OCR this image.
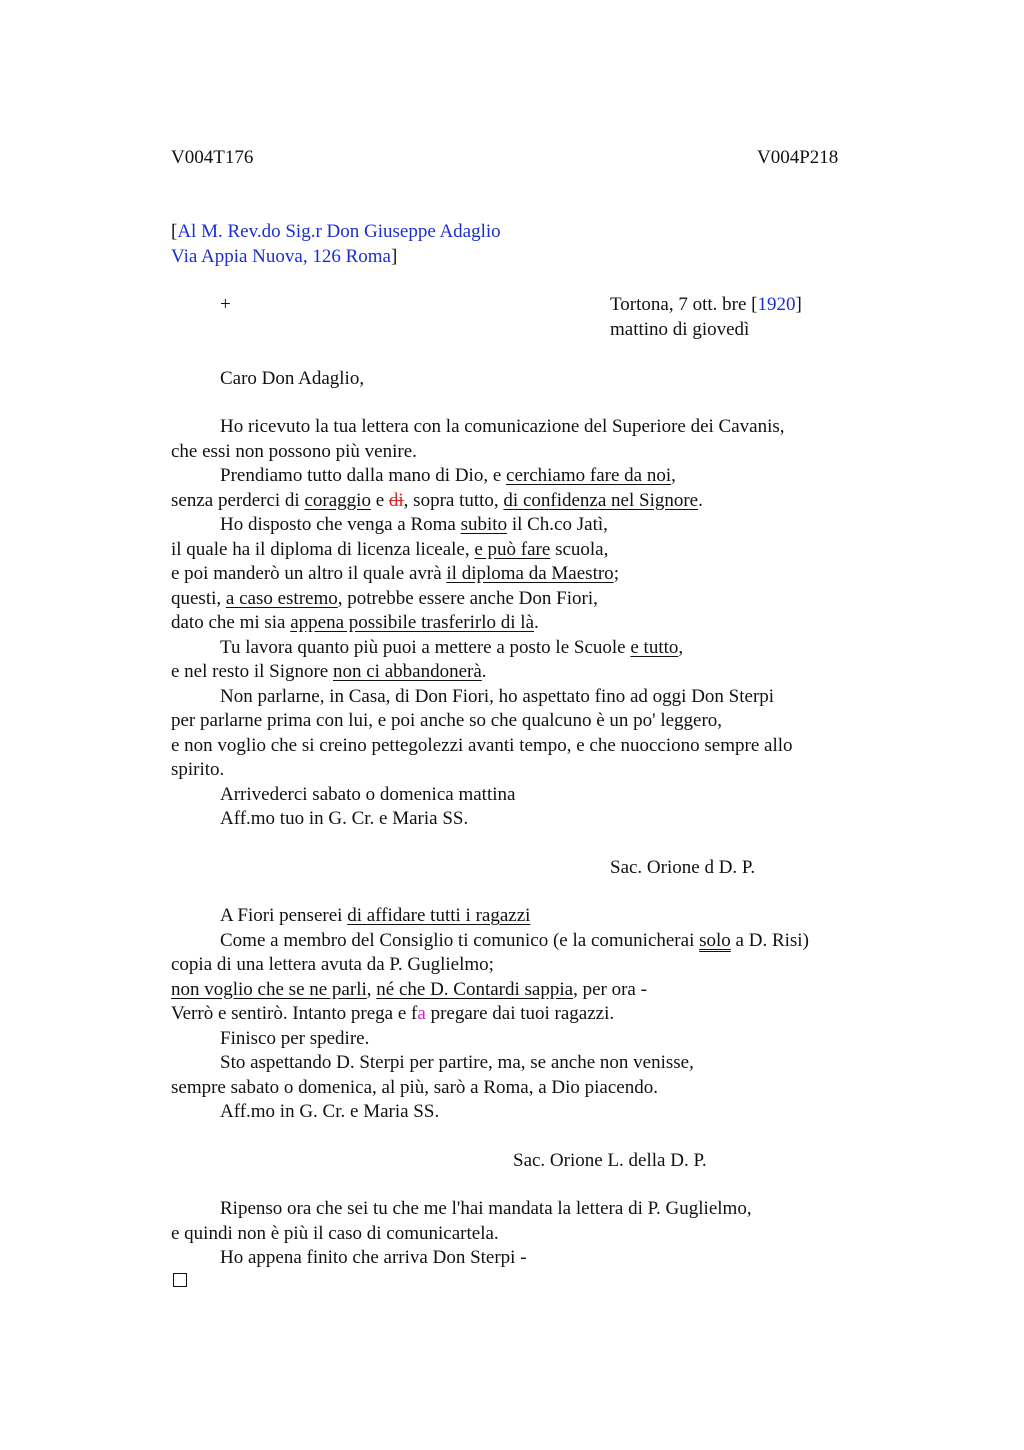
V004T176	V004P218
[Al M. Rev.do Sig.r Don Giuseppe Adaglio
Via Appia Nuova, 126 Roma]
+	Tortona, 7 ott. bre [1920]
mattino di giovedì
Caro Don Adaglio,
Ho ricevuto la tua lettera con la comunicazione del Superiore dei Cavanis,
che essi non possono più venire.
Prendiamo tutto dalla mano di Dio, e cerchiamo fare da noi,
senza perderci di coraggio e di, sopra tutto, di confidenza nel Signore.
Ho disposto che venga a Roma subito il Ch.co Jatì,
il quale ha il diploma di licenza liceale, e può fare scuola,
e poi manderò un altro il quale avrà il diploma da Maestro;
questi, a caso estremo, potrebbe essere anche Don Fiori,
dato che mi sia appena possibile trasferirlo di là.
Tu lavora quanto più puoi a mettere a posto le Scuole e tutto,
e nel resto il Signore non ci abbandonerà.
Non parlarne, in Casa, di Don Fiori, ho aspettato fino ad oggi Don Sterpi
per parlarne prima con lui, e poi anche so che qualcuno è un po' leggero,
e non voglio che si creino pettegolezzi avanti tempo, e che nuocciono sempre allo
spirito.
Arrivederci sabato o domenica mattina
Aff.mo tuo in G. Cr. e Maria SS.
Sac. Orione d D. P.
A Fiori penserei di affidare tutti i ragazzi
Come a membro del Consiglio ti comunico (e la comunicherai solo a D. Risi)
copia di una lettera avuta da P. Guglielmo;
non voglio che se ne parli, né che D. Contardi sappia, per ora -
Verrò e sentirò. Intanto prega e fa pregare dai tuoi ragazzi.
Finisco per spedire.
Sto aspettando D. Sterpi per partire, ma, se anche non venisse,
sempre sabato o domenica, al più, sarò a Roma, a Dio piacendo.
Aff.mo in G. Cr. e Maria SS.
Sac. Orione L. della D. P.
Ripenso ora che sei tu che me l'hai mandata la lettera di P. Guglielmo,
e quindi non è più il caso di comunicartela.
Ho appena finito che arriva Don Sterpi -
